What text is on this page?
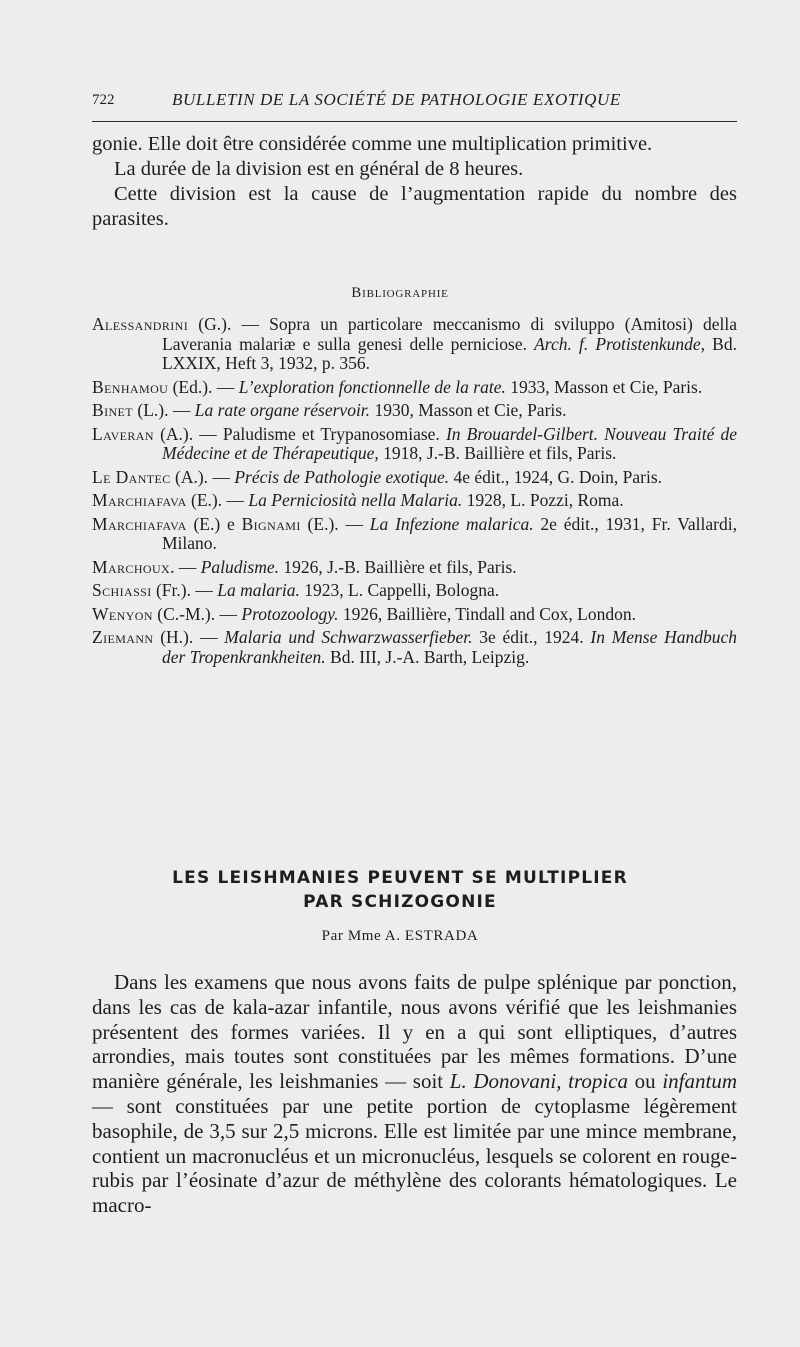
722	BULLETIN DE LA SOCIÉTÉ DE PATHOLOGIE EXOTIQUE

gonie. Elle doit être considérée comme une multiplication primitive.

La durée de la division est en général de 8 heures.

Cette division est la cause de l’augmentation rapide du nombre des parasites.

Bibliographie
Alessandrini (G.). — Sopra un particolare meccanismo di sviluppo (Amitosi) della Laverania malariæ e sulla genesi delle perniciose. Arch. f. Protistenkunde, Bd. LXXIX, Heft 3, 1932, p. 356.
Benhamou (Ed.). — L’exploration fonctionnelle de la rate. 1933, Masson et Cie, Paris.
Binet (L.). — La rate organe réservoir. 1930, Masson et Cie, Paris.
Laveran (A.). — Paludisme et Trypanosomiase. In Brouardel-Gilbert. Nouveau Traité de Médecine et de Thérapeutique, 1918, J.-B. Baillière et fils, Paris.
Le Dantec (A.). — Précis de Pathologie exotique. 4e édit., 1924, G. Doin, Paris.
Marchiafava (E.). — La Perniciosità nella Malaria. 1928, L. Pozzi, Roma.
Marchiafava (E.) e Bignami (E.). — La Infezione malarica. 2e édit., 1931, Fr. Vallardi, Milano.
Marchoux. — Paludisme. 1926, J.-B. Baillière et fils, Paris.
Schiassi (Fr.). — La malaria. 1923, L. Cappelli, Bologna.
Wenyon (C.-M.). — Protozoology. 1926, Baillière, Tindall and Cox, London.
Ziemann (H.). — Malaria und Schwarzwasserfieber. 3e édit., 1924. In Mense Handbuch der Tropenkrankheiten. Bd. III, J.-A. Barth, Leipzig.
LES LEISHMANIES PEUVENT SE MULTIPLIER
PAR SCHIZOGONIE
Par Mme A. ESTRADA

Dans les examens que nous avons faits de pulpe splénique par ponction, dans les cas de kala-azar infantile, nous avons vérifié que les leishmanies présentent des formes variées. Il y en a qui sont elliptiques, d’autres arrondies, mais toutes sont constituées par les mêmes formations. D’une manière générale, les leishmanies — soit L. Donovani, tropica ou infantum — sont constituées par une petite portion de cytoplasme légèrement basophile, de 3,5 sur 2,5 microns. Elle est limitée par une mince membrane, contient un macronucléus et un micronucléus, lesquels se colorent en rouge-rubis par l’éosinate d’azur de méthylène des colorants hématologiques. Le macro-
